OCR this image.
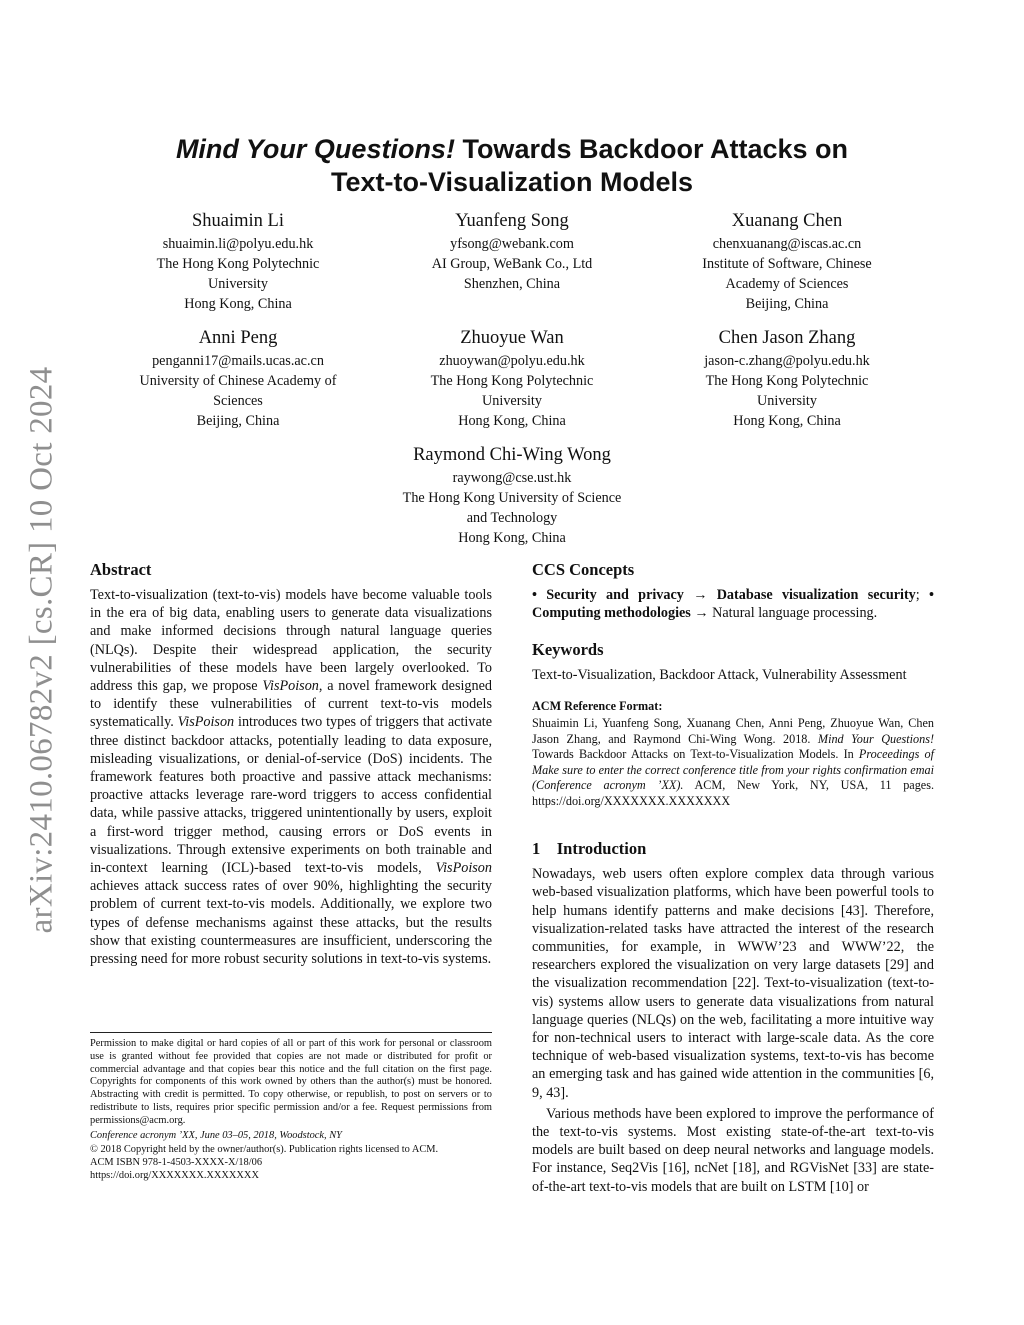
arXiv:2410.06782v2 [cs.CR] 10 Oct 2024
Mind Your Questions! Towards Backdoor Attacks on
Text-to-Visualization Models
Shuaimin Li
shuaimin.li@polyu.edu.hk
The Hong Kong Polytechnic
University
Hong Kong, China
Yuanfeng Song
yfsong@webank.com
AI Group, WeBank Co., Ltd
Shenzhen, China
Xuanang Chen
chenxuanang@iscas.ac.cn
Institute of Software, Chinese
Academy of Sciences
Beijing, China
Anni Peng
penganni17@mails.ucas.ac.cn
University of Chinese Academy of
Sciences
Beijing, China
Zhuoyue Wan
zhuoywan@polyu.edu.hk
The Hong Kong Polytechnic
University
Hong Kong, China
Chen Jason Zhang
jason-c.zhang@polyu.edu.hk
The Hong Kong Polytechnic
University
Hong Kong, China
Raymond Chi-Wing Wong
raywong@cse.ust.hk
The Hong Kong University of Science
and Technology
Hong Kong, China
Abstract

Text-to-visualization (text-to-vis) models have become valuable tools in the era of big data, enabling users to generate data visualizations and make informed decisions through natural language queries (NLQs). Despite their widespread application, the security vulnerabilities of these models have been largely overlooked. To address this gap, we propose VisPoison, a novel framework designed to identify these vulnerabilities of current text-to-vis models systematically. VisPoison introduces two types of triggers that activate three distinct backdoor attacks, potentially leading to data exposure, misleading visualizations, or denial-of-service (DoS) incidents. The framework features both proactive and passive attack mechanisms: proactive attacks leverage rare-word triggers to access confidential data, while passive attacks, triggered unintentionally by users, exploit a first-word trigger method, causing errors or DoS events in visualizations. Through extensive experiments on both trainable and in-context learning (ICL)-based text-to-vis models, VisPoison achieves attack success rates of over 90%, highlighting the security problem of current text-to-vis models. Additionally, we explore two types of defense mechanisms against these attacks, but the results show that existing countermeasures are insufficient, underscoring the pressing need for more robust security solutions in text-to-vis systems.

Permission to make digital or hard copies of all or part of this work for personal or classroom use is granted without fee provided that copies are not made or distributed for profit or commercial advantage and that copies bear this notice and the full citation on the first page. Copyrights for components of this work owned by others than the author(s) must be honored. Abstracting with credit is permitted. To copy otherwise, or republish, to post on servers or to redistribute to lists, requires prior specific permission and/or a fee. Request permissions from permissions@acm.org.

Conference acronym ’XX, June 03–05, 2018, Woodstock, NY

© 2018 Copyright held by the owner/author(s). Publication rights licensed to ACM.

ACM ISBN 978-1-4503-XXXX-X/18/06

https://doi.org/XXXXXXX.XXXXXXX

CCS Concepts

• Security and privacy → Database visualization security; • Computing methodologies → Natural language processing.

Keywords

Text-to-Visualization, Backdoor Attack, Vulnerability Assessment

ACM Reference Format:

Shuaimin Li, Yuanfeng Song, Xuanang Chen, Anni Peng, Zhuoyue Wan, Chen Jason Zhang, and Raymond Chi-Wing Wong. 2018. Mind Your Questions! Towards Backdoor Attacks on Text-to-Visualization Models. In Proceedings of Make sure to enter the correct conference title from your rights confirmation emai (Conference acronym ’XX). ACM, New York, NY, USA, 11 pages. https://doi.org/XXXXXXX.XXXXXXX

1    Introduction

Nowadays, web users often explore complex data through various web-based visualization platforms, which have been powerful tools to help humans identify patterns and make decisions [43]. Therefore, visualization-related tasks have attracted the interest of the research communities, for example, in WWW’23 and WWW’22, the researchers explored the visualization on very large datasets [29] and the visualization recommendation [22]. Text-to-visualization (text-to-vis) systems allow users to generate data visualizations from natural language queries (NLQs) on the web, facilitating a more intuitive way for non-technical users to interact with large-scale data. As the core technique of web-based visualization systems, text-to-vis has become an emerging task and has gained wide attention in the communities [6, 9, 43].

Various methods have been explored to improve the performance of the text-to-vis systems. Most existing state-of-the-art text-to-vis models are built based on deep neural networks and language models. For instance, Seq2Vis [16], ncNet [18], and RGVisNet [33] are state-of-the-art text-to-vis models that are built on LSTM [10] or
